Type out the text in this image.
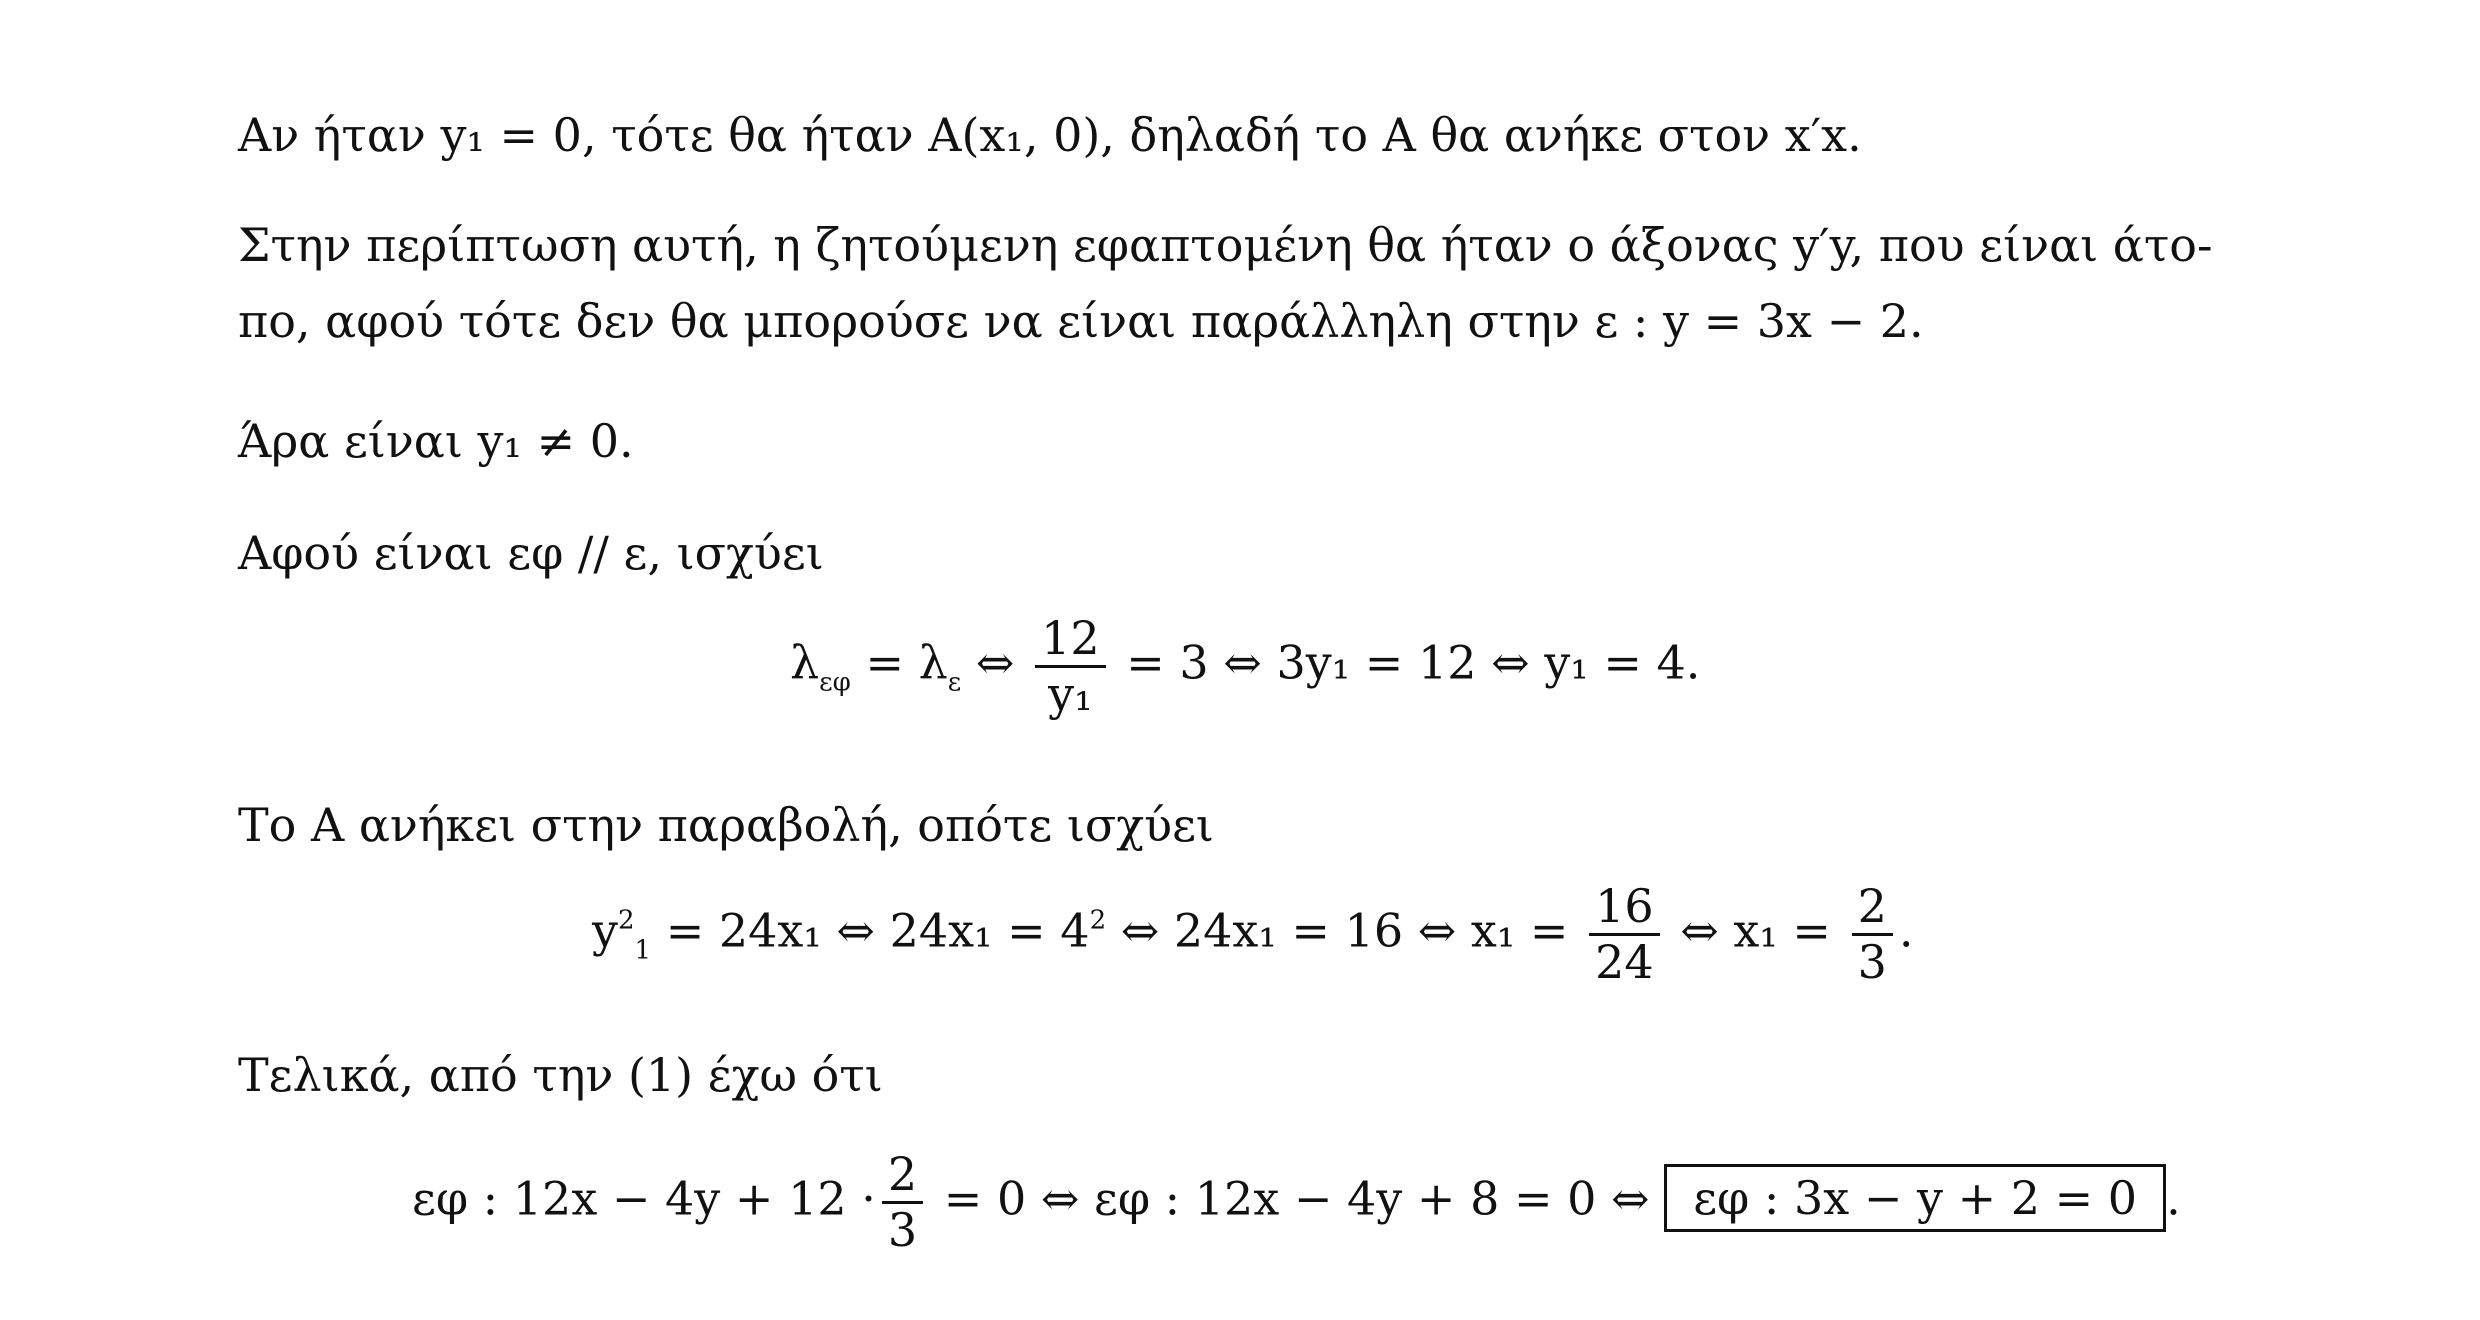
Αν ήταν y₁ = 0, τότε θα ήταν A(x₁, 0), δηλαδή το A θα ανήκε στον x′x.
Στην περίπτωση αυτή, η ζητούμενη εφαπτομένη θα ήταν ο άξονας y′y, που είναι άτο-
πο, αφού τότε δεν θα μπορούσε να είναι παράλληλη στην ε : y = 3x − 2.
Άρα είναι y₁ ≠ 0.
Αφού είναι εφ // ε, ισχύει
$\lambda_{\varepsilon\varphi} = \lambda_\varepsilon$ ⇔ $\frac{12}{\text{y₁}} = 3$ ⇔ 3y₁ = 12 ⇔ y₁ = 4.
Το A ανήκει στην παραβολή, οπότε ισχύει
$y^2_1 = 24x_1$ ⇔ $24x_1 = 4^2$ ⇔ 24x₁ = 16 ⇔ $x_1 = \frac{16}{24}$ ⇔ $x_1 = \frac{2}{3}$ .
Τελικά, από την (1) έχω ότι
εφ : $12x - 4y + 12 \cdot \frac{2}{3} = 0$ ⇔ εφ : 12x − 4y + 8 = 0 ⇔ εφ : 3x − y + 2 = 0 .
